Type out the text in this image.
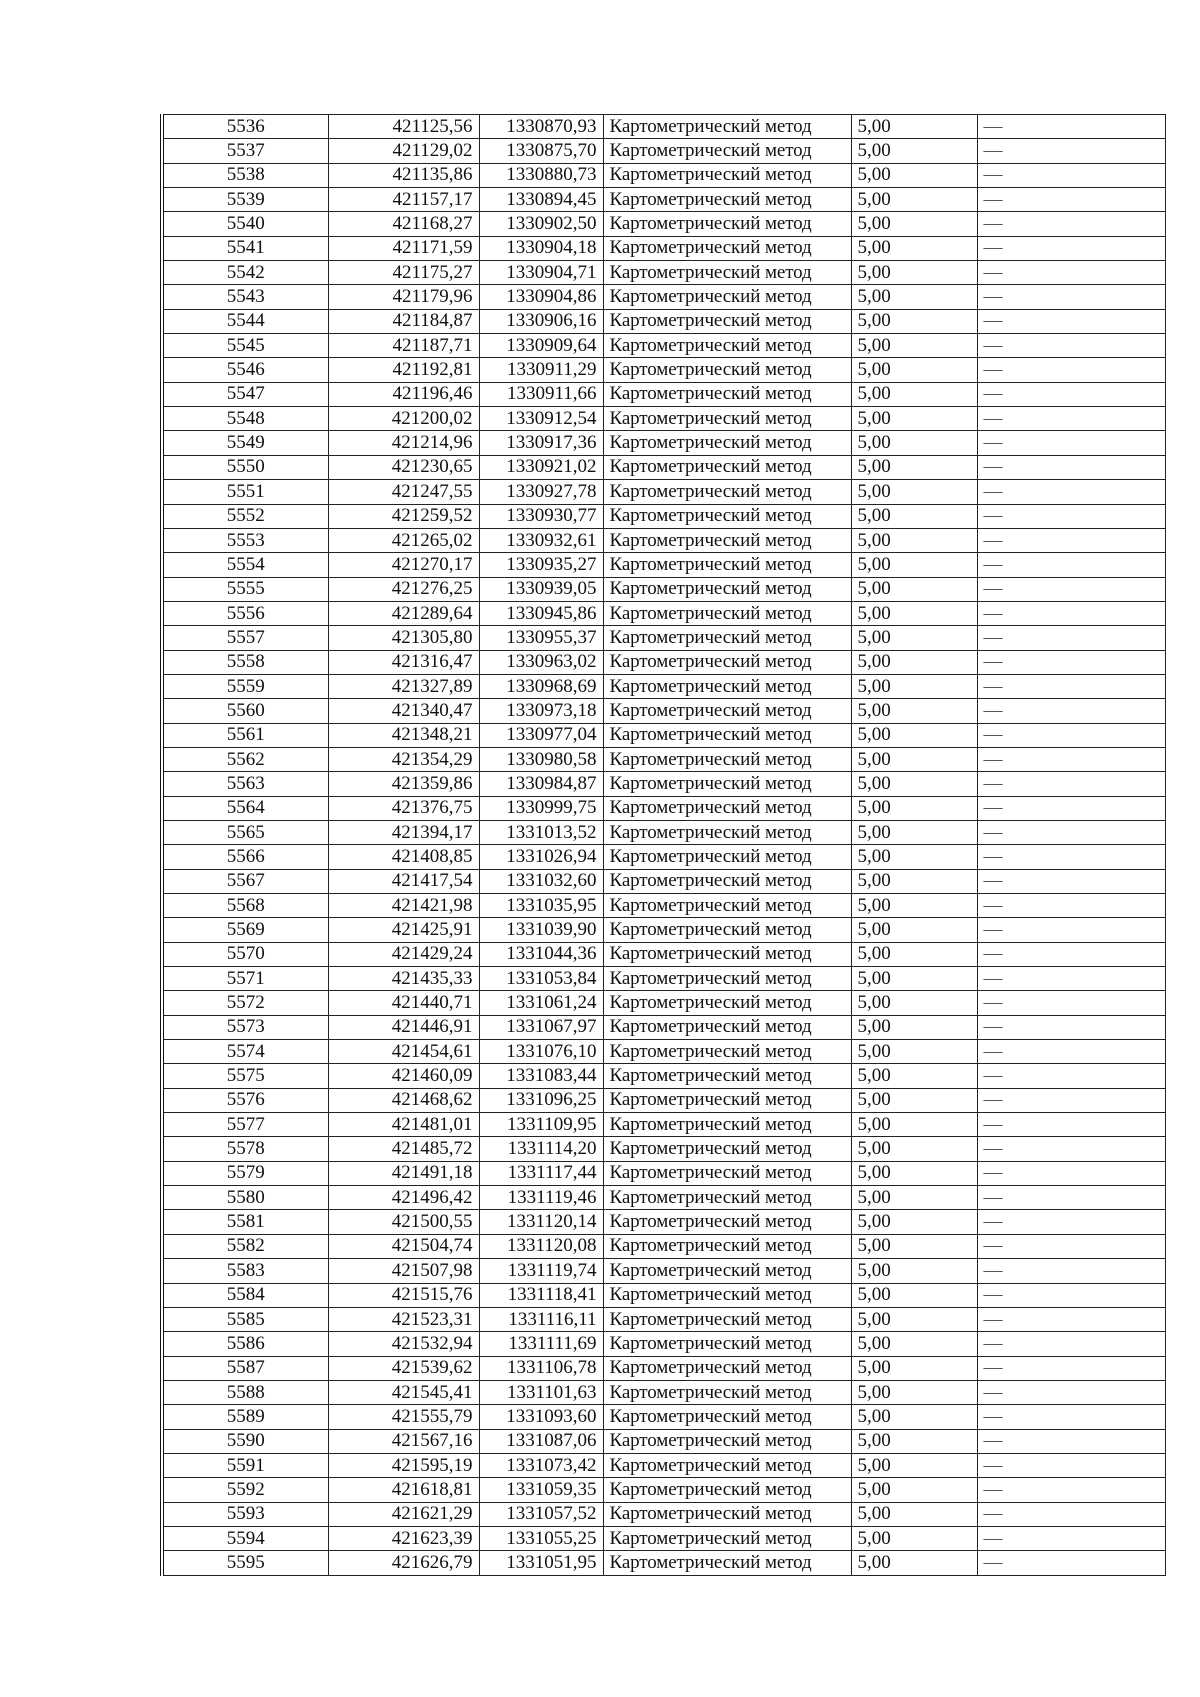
5536	421125,56	1330870,93	Картометрический метод	5,00	—
5537	421129,02	1330875,70	Картометрический метод	5,00	—
5538	421135,86	1330880,73	Картометрический метод	5,00	—
5539	421157,17	1330894,45	Картометрический метод	5,00	—
5540	421168,27	1330902,50	Картометрический метод	5,00	—
5541	421171,59	1330904,18	Картометрический метод	5,00	—
5542	421175,27	1330904,71	Картометрический метод	5,00	—
5543	421179,96	1330904,86	Картометрический метод	5,00	—
5544	421184,87	1330906,16	Картометрический метод	5,00	—
5545	421187,71	1330909,64	Картометрический метод	5,00	—
5546	421192,81	1330911,29	Картометрический метод	5,00	—
5547	421196,46	1330911,66	Картометрический метод	5,00	—
5548	421200,02	1330912,54	Картометрический метод	5,00	—
5549	421214,96	1330917,36	Картометрический метод	5,00	—
5550	421230,65	1330921,02	Картометрический метод	5,00	—
5551	421247,55	1330927,78	Картометрический метод	5,00	—
5552	421259,52	1330930,77	Картометрический метод	5,00	—
5553	421265,02	1330932,61	Картометрический метод	5,00	—
5554	421270,17	1330935,27	Картометрический метод	5,00	—
5555	421276,25	1330939,05	Картометрический метод	5,00	—
5556	421289,64	1330945,86	Картометрический метод	5,00	—
5557	421305,80	1330955,37	Картометрический метод	5,00	—
5558	421316,47	1330963,02	Картометрический метод	5,00	—
5559	421327,89	1330968,69	Картометрический метод	5,00	—
5560	421340,47	1330973,18	Картометрический метод	5,00	—
5561	421348,21	1330977,04	Картометрический метод	5,00	—
5562	421354,29	1330980,58	Картометрический метод	5,00	—
5563	421359,86	1330984,87	Картометрический метод	5,00	—
5564	421376,75	1330999,75	Картометрический метод	5,00	—
5565	421394,17	1331013,52	Картометрический метод	5,00	—
5566	421408,85	1331026,94	Картометрический метод	5,00	—
5567	421417,54	1331032,60	Картометрический метод	5,00	—
5568	421421,98	1331035,95	Картометрический метод	5,00	—
5569	421425,91	1331039,90	Картометрический метод	5,00	—
5570	421429,24	1331044,36	Картометрический метод	5,00	—
5571	421435,33	1331053,84	Картометрический метод	5,00	—
5572	421440,71	1331061,24	Картометрический метод	5,00	—
5573	421446,91	1331067,97	Картометрический метод	5,00	—
5574	421454,61	1331076,10	Картометрический метод	5,00	—
5575	421460,09	1331083,44	Картометрический метод	5,00	—
5576	421468,62	1331096,25	Картометрический метод	5,00	—
5577	421481,01	1331109,95	Картометрический метод	5,00	—
5578	421485,72	1331114,20	Картометрический метод	5,00	—
5579	421491,18	1331117,44	Картометрический метод	5,00	—
5580	421496,42	1331119,46	Картометрический метод	5,00	—
5581	421500,55	1331120,14	Картометрический метод	5,00	—
5582	421504,74	1331120,08	Картометрический метод	5,00	—
5583	421507,98	1331119,74	Картометрический метод	5,00	—
5584	421515,76	1331118,41	Картометрический метод	5,00	—
5585	421523,31	1331116,11	Картометрический метод	5,00	—
5586	421532,94	1331111,69	Картометрический метод	5,00	—
5587	421539,62	1331106,78	Картометрический метод	5,00	—
5588	421545,41	1331101,63	Картометрический метод	5,00	—
5589	421555,79	1331093,60	Картометрический метод	5,00	—
5590	421567,16	1331087,06	Картометрический метод	5,00	—
5591	421595,19	1331073,42	Картометрический метод	5,00	—
5592	421618,81	1331059,35	Картометрический метод	5,00	—
5593	421621,29	1331057,52	Картометрический метод	5,00	—
5594	421623,39	1331055,25	Картометрический метод	5,00	—
5595	421626,79	1331051,95	Картометрический метод	5,00	—
